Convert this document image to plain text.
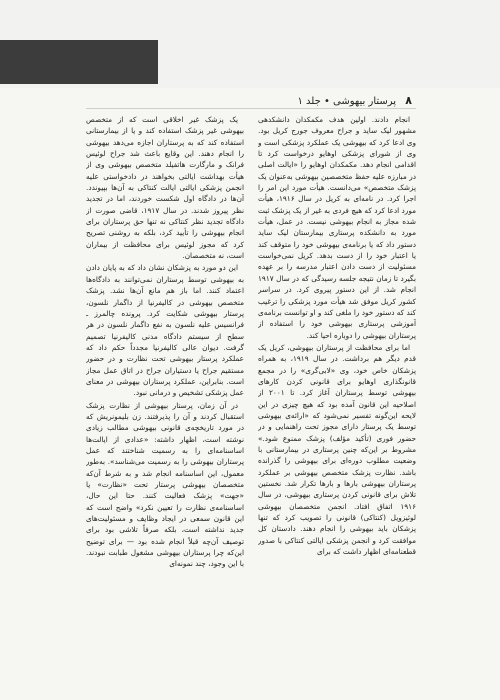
۸ پرستار بیهوشی • جلد ۱

انجام دادند. اولین هدف مکمکدان دانشکدهی مشهور لیک ساید و جراح معروف جورج کریل بود. وی ادعا کرد که بیهوشی یک عملکرد پزشکی است و وی از شورای پزشکی اوهایو درخواست کرد تا اقدامی انجام دهد. مکمکدان اوهایو را «ایالت اصلی در مبارزه علیه حفظ متخصصین بیهوشی به‌عنوان یک پزشک متخصص» می‌دانست. هیأت مورد این امر را اجرا کرد. در نامه‌ای به کریل در سال ۱۹۱۶، هیأت مورد ادعا کرد که هیچ فردی به غیر از یک پزشک ثبت شده مجاز به انجام بیهوشی نیست. در عمل، هیأت مورد به دانشکده پرستاری بیمارستان لیک ساید دستور داد که یا برنامه‌ی بیهوشی خود را متوقف کند یا اعتبار خود را از دست بدهد. کریل نمی‌خواست مسئولیت از دست دادن اعتبار مدرسه را بر عهده بگیرد تا زمان نتیجه جلسه رسیدگی که در سال ۱۹۱۷ انجام شد. از این دستور پیروی کرد. در سراسر کشور کریل موفق شد هیأت مورد پزشکی را ترغیب کند که دستور خود را ملغی کند و او توانست برنامه‌ی آموزشی پرستاری بیهوشی خود را استفاده از پرستاران بیهوشی را دوباره احیا کند.

اما برای محافظت از پرستاران بیهوشی، کریل یک قدم دیگر هم برداشت. در سال ۱۹۱۹، به همراه پزشکان خاص خود، وی «لابی‌گری» را در مجمع قانونگذاری اوهایو برای قانونی کردن کارهای بیهوشی توسط پرستاران آغاز کرد. تا ۲۰۰۱ از اصلاحیه این قانون آمده بود که هیچ چیزی در این لایحه این‌گونه تفسیر نمی‌شود که «ارائه‌ی بیهوشی توسط یک پرستار دارای مجوز تحت راهنمایی و در حضور فوری (تأکید مؤلف) پزشک ممنوع شود.» مشروط بر این‌که چنین پرستاری در بیمارستانی با وضعیت مطلوب دوره‌ای برای بیهوشی را گذرانده باشد. نظارت پزشک متخصص بیهوشی بر عملکرد پرستاران بیهوشی بارها و بارها تکرار شد. نخستین تلاش برای قانونی کردن پرستاری بیهوشی، در سال ۱۹۱۶ اتفاق افتاد. انجمن متخصصان بیهوشی لوئیزویل (کنتاکی) قانونی را تصویب کرد که تنها پزشکان باید بیهوشی را انجام دهند. دادستان کل موافقت کرد و انجمن پزشکی ایالتی کنتاکی با صدور قطعنامه‌ای اظهار داشت که برای

یک پزشک غیر اخلاقی است که از متخصص بیهوشی غیر پزشک استفاده کند و یا از بیمارستانی استفاده کند که به پرستاران اجازه می‌دهد بیهوشی را انجام دهند. این وقایع باعث شد جراح لوئیس فرانک و مارگارت هاتفیلد متخصص بیهوشی وی از هیأت بهداشت ایالتی بخواهند در دادخواستی علیه انجمن پزشکی ایالتی ایالت کنتاکی به آن‌ها بپیوندد. آن‌ها در دادگاه اول شکست خوردند، اما در تجدید نظر پیروز شدند. در سال ۱۹۱۷، قاضی صورت از دادگاه تجدید نظر کنتاکی نه تنها حق پرستاران برای انجام بیهوشی را تأیید کرد، بلکه به روشنی تصریح کرد که مجوز لوئیس برای محافظت از بیماران است، نه متخصصان.

این دو مورد به پزشکان نشان داد که به پایان دادن به بیهوشی توسط پرستاران نمی‌توانند به دادگاه‌ها اعتماد کنند. اما باز هم مانع آن‌ها نشد. پزشک متخصص بیهوشی در کالیفرنیا از داگمار نلسون، پرستار بیهوشی شکایت کرد. پرونده چالمرز ـ فرانسیس علیه نلسون به نفع داگمار نلسون در هر سطح از سیستم دادگاه مدنی کالیفرنیا تصمیم گرفت. دیوان عالی کالیفرنیا مجدداً حکم داد که عملکرد پرستار بیهوشی تحت نظارت و در حضور مستقیم جراح یا دستیاران جراح در اتاق عمل مجاز است. بنابراین، عملکرد پرستاران بیهوشی در معنای عمل پزشکی تشخیص و درمانی نبود.

در آن زمان، پرستار بیهوشی از نظارت پزشک استقبال کردند و آن را پذیرفتند. زن بلیمونریش که در مورد تاریخچه‌ی قانونی بیهوشی مطالب زیادی نوشته است، اظهار داشته: «عدادی از ایالت‌ها اساسنامه‌ای را به رسمیت شناختند که عمل پرستاران بیهوشی را به رسمیت می‌شناسد». به‌طور معمول، این اساسنامه انجام شد و به شرط آن‌که متخصصان بیهوشی پرستار تحت «نظارت» یا «جهت» پزشک فعالیت کنند. حتا این حال، اساسنامه‌ی نظارت را تعیین نکرد» واضح است که این قانون سمعی در ایجاد وظایف و مسئولیت‌های جدید نداشته است، بلکه صرفاً تلاشی بود برای توصیف آن‌چه قبلاً انجام شده بود — برای توضیح این‌که چرا پرستاران بیهوشی مشغول طبابت نبودند. با این وجود، چند نمونه‌ای
